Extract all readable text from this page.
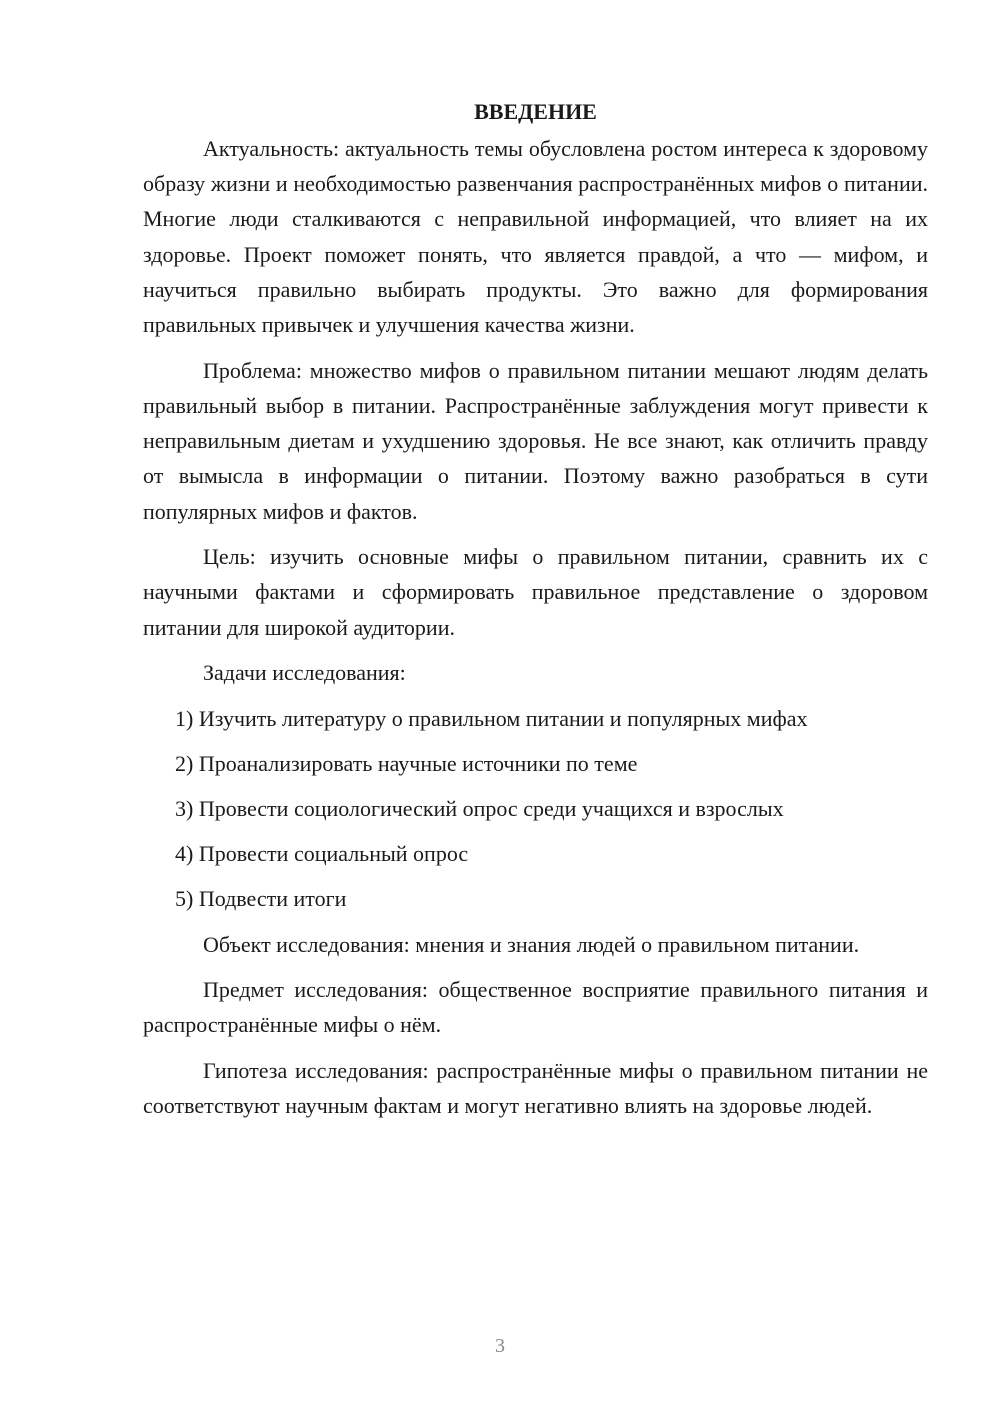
ВВЕДЕНИЕ

Актуальность: актуальность темы обусловлена ростом интереса к здоровому образу жизни и необходимостью развенчания распространённых мифов о питании. Многие люди сталкиваются с неправильной информацией, что влияет на их здоровье. Проект поможет понять, что является правдой, а что — мифом, и научиться правильно выбирать продукты. Это важно для формирования правильных привычек и улучшения качества жизни.

Проблема: множество мифов о правильном питании мешают людям делать правильный выбор в питании. Распространённые заблуждения могут привести к неправильным диетам и ухудшению здоровья. Не все знают, как отличить правду от вымысла в информации о питании. Поэтому важно разобраться в сути популярных мифов и фактов.

Цель: изучить основные мифы о правильном питании, сравнить их с научными фактами и сформировать правильное представление о здоровом питании для широкой аудитории.

Задачи исследования:
1) Изучить литературу о правильном питании и популярных мифах
2) Проанализировать научные источники по теме
3) Провести социологический опрос среди учащихся и взрослых
4) Провести социальный опрос
5) Подвести итоги

Объект исследования: мнения и знания людей о правильном питании.

Предмет исследования: общественное восприятие правильного питания и распространённые мифы о нём.

Гипотеза исследования: распространённые мифы о правильном питании не соответствуют научным фактам и могут негативно влиять на здоровье людей.

3
